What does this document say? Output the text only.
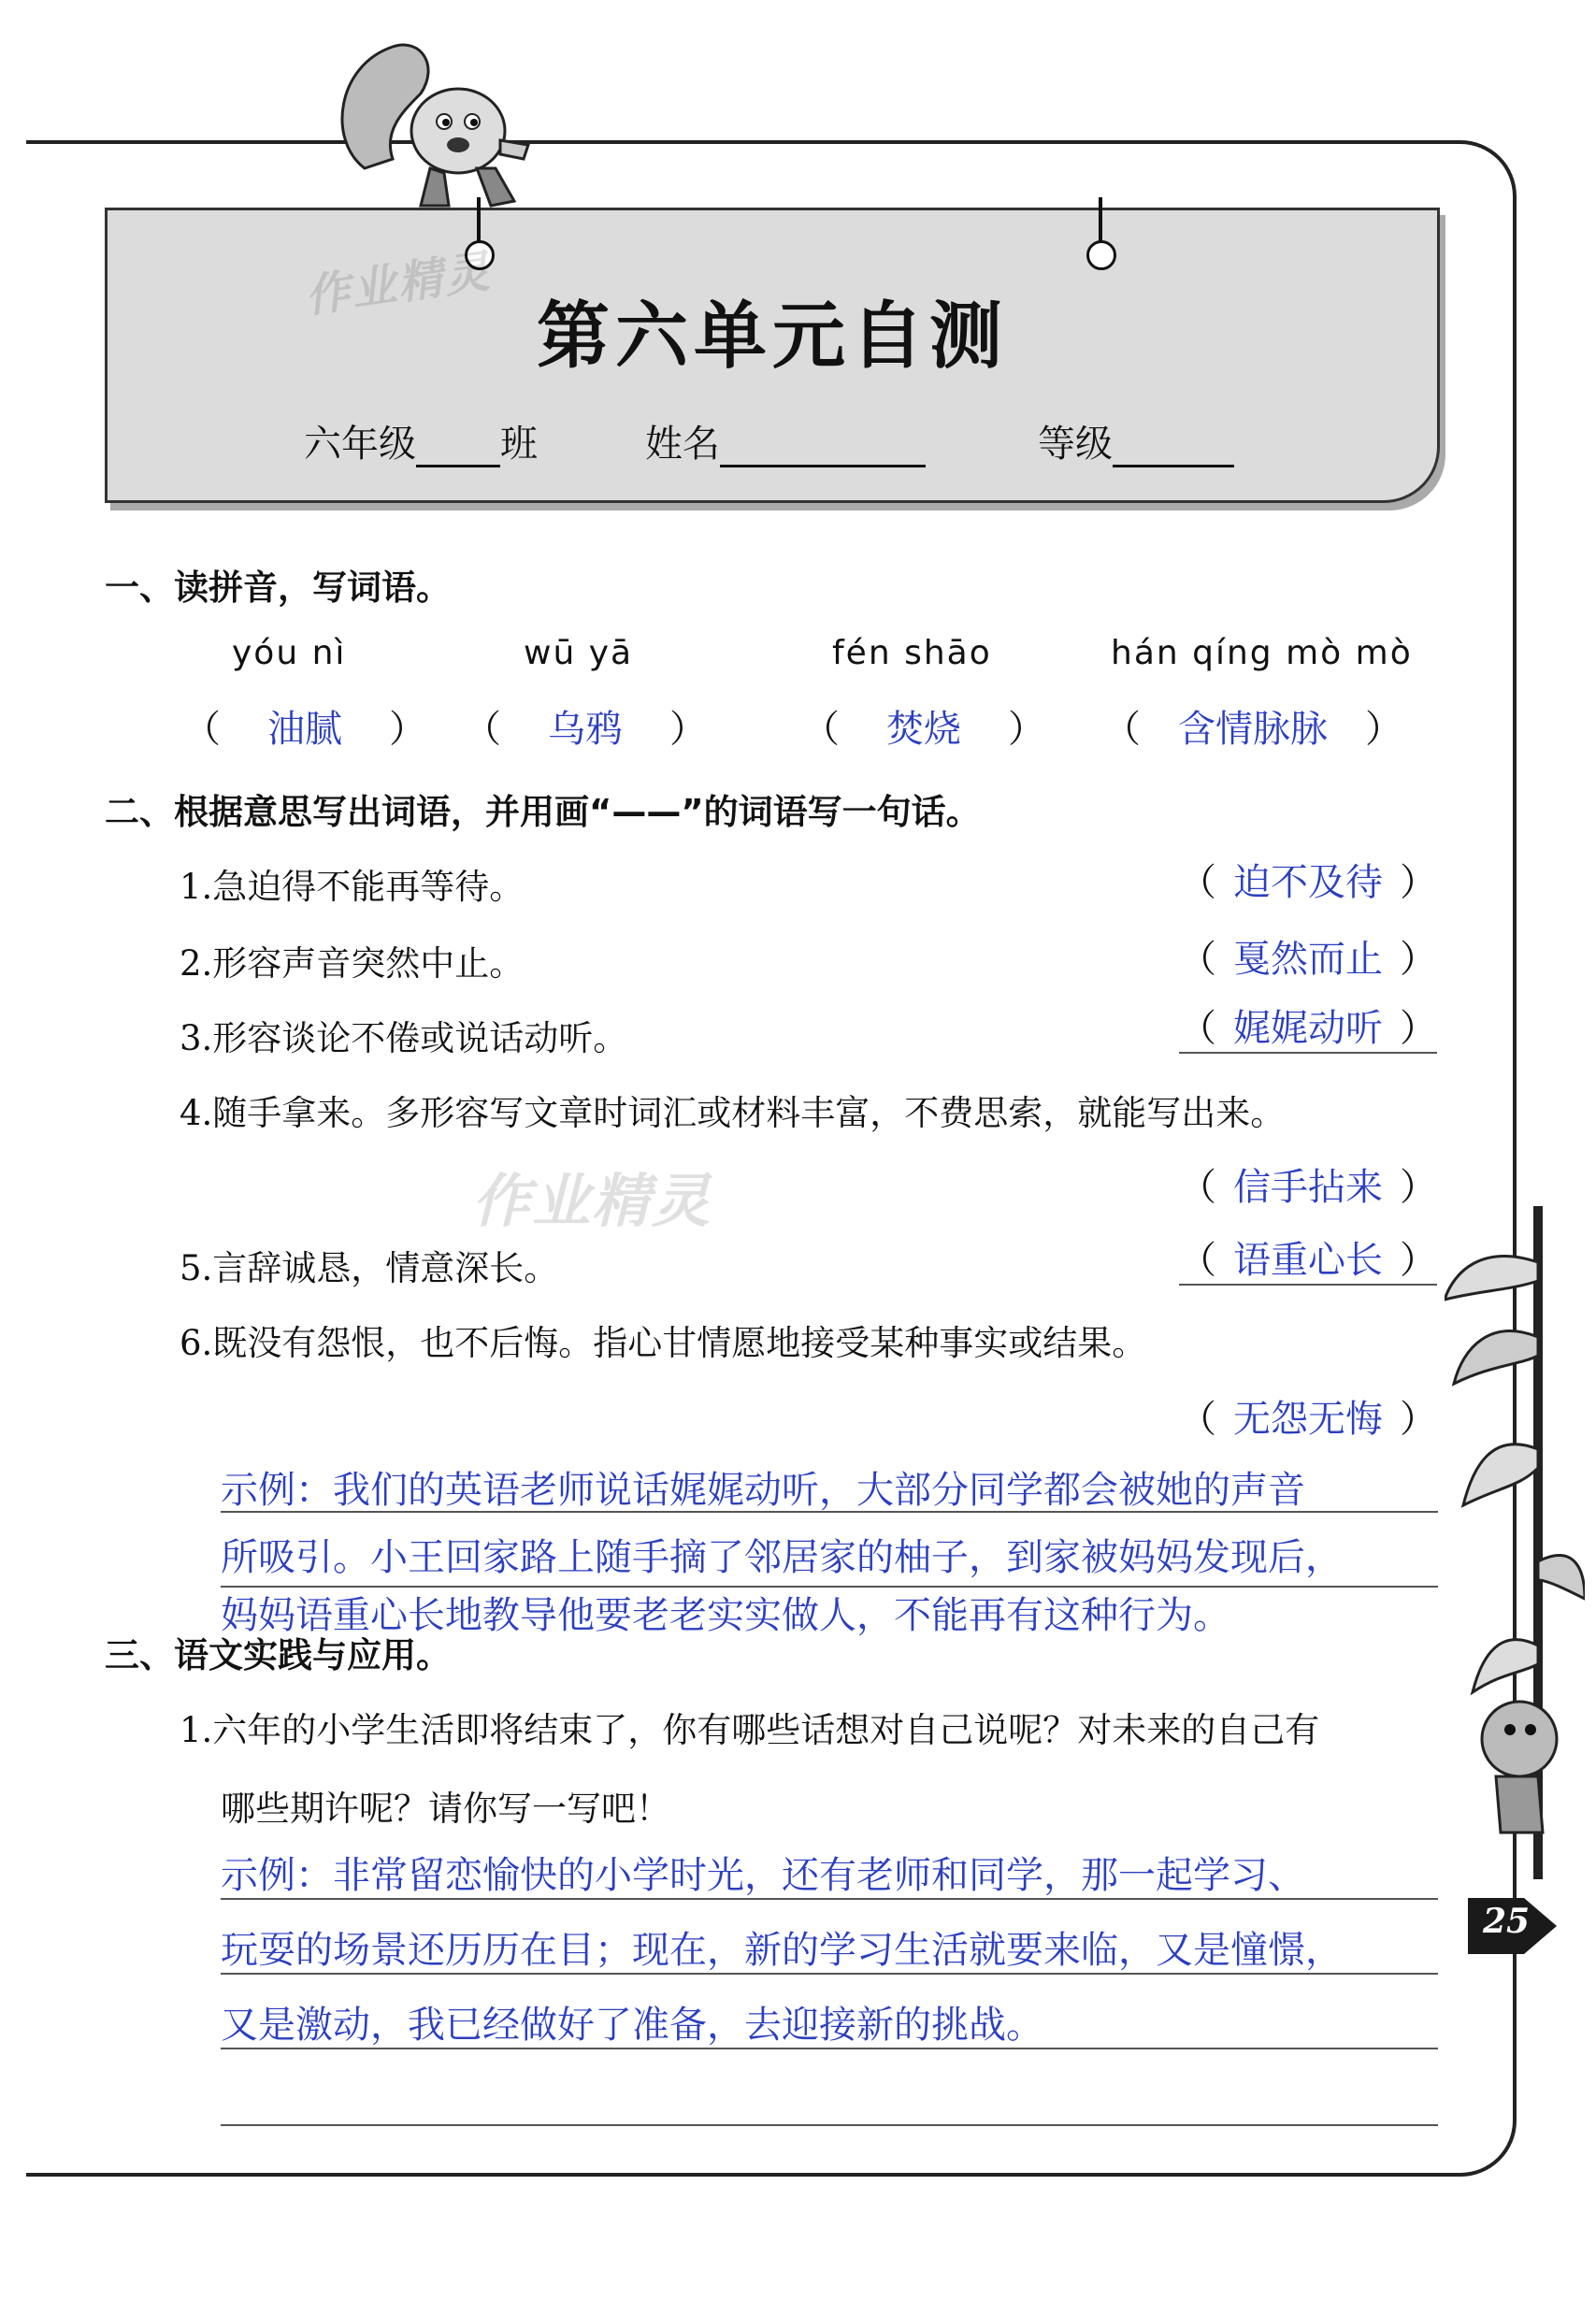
作业精灵
第六单元自测
六年级 班	姓名	等级
一、读拼音，写词语。
yóu nì	wū yā	fén shāo	hán qíng mò mò
（ 油腻 ） （ 乌鸦 ）	（ 焚烧 ） （ 含情脉脉 ）
二、根据意思写出词语，并用画“——”的词语写一句话。
1.急迫得不能再等待。	（ 迫不及待 ）
2.形容声音突然中止。	（ 戛然而止 ）
3.形容谈论不倦或说话动听。	（ 娓娓动听 ）
4.随手拿来。多形容写文章时词汇或材料丰富，不费思索，就能写出来。
作业精灵	（ 信手拈来 ）
5.言辞诚恳，情意深长。	（ 语重心长 ）
6.既没有怨恨，也不后悔。指心甘情愿地接受某种事实或结果。
（ 无怨无悔 ）
示例：我们的英语老师说话娓娓动听，大部分同学都会被她的声音
所吸引。小王回家路上随手摘了邻居家的柚子，到家被妈妈发现后，
妈妈语重心长地教导他要老老实实做人，不能再有这种行为。
三、语文实践与应用。
1.六年的小学生活即将结束了，你有哪些话想对自己说呢？对未来的自己有
哪些期许呢？请你写一写吧！
示例：非常留恋愉快的小学时光，还有老师和同学，那一起学习、
玩耍的场景还历历在目；现在，新的学习生活就要来临，又是憧憬，
又是激动，我已经做好了准备，去迎接新的挑战。
25
